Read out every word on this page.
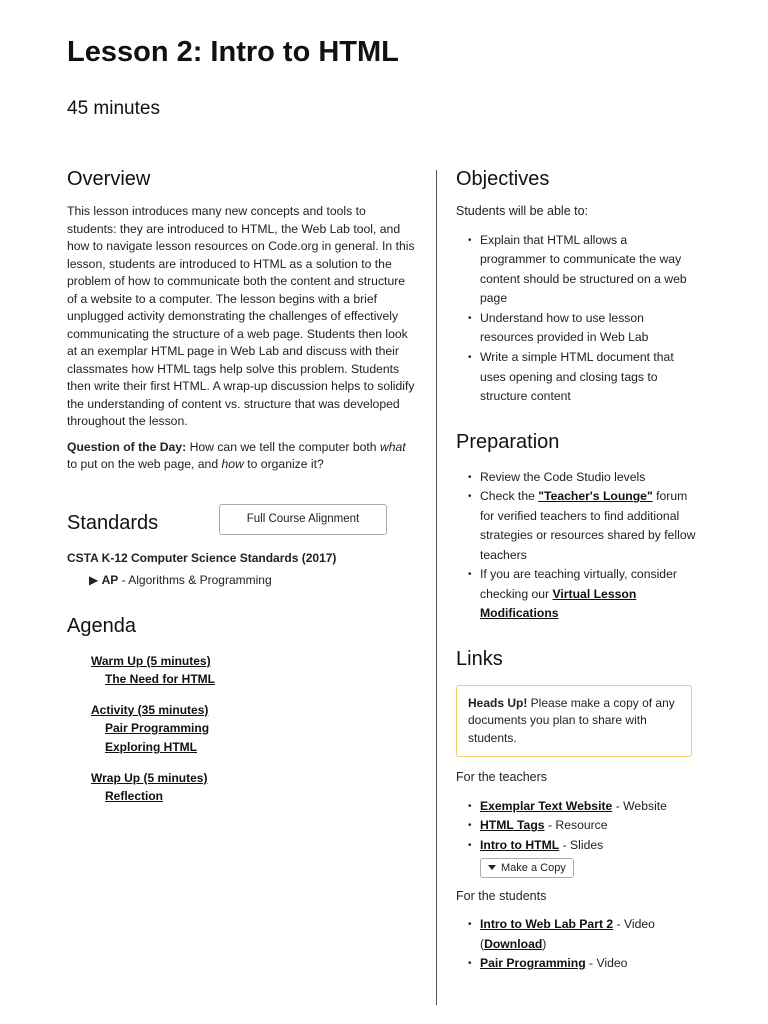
Lesson 2: Intro to HTML

45 minutes

Overview

This lesson introduces many new concepts and tools to students: they are introduced to HTML, the Web Lab tool, and how to navigate lesson resources on Code.org in general. In this lesson, students are introduced to HTML as a solution to the problem of how to communicate both the content and structure of a website to a computer. The lesson begins with a brief unplugged activity demonstrating the challenges of effectively communicating the structure of a web page. Students then look at an exemplar HTML page in Web Lab and discuss with their classmates how HTML tags help solve this problem. Students then write their first HTML. A wrap-up discussion helps to solidify the understanding of content vs. structure that was developed throughout the lesson.

Question of the Day: How can we tell the computer both what to put on the web page, and how to organize it?

Standards	Full Course Alignment

CSTA K-12 Computer Science Standards (2017)

▶ AP - Algorithms & Programming
Agenda
Warm Up (5 minutes)
The Need for HTML
Activity (35 minutes)
Pair Programming
Exploring HTML
Wrap Up (5 minutes)
Reflection
Objectives

Students will be able to:

• Explain that HTML allows a programmer to communicate the way content should be structured on a web page
• Understand how to use lesson resources provided in Web Lab
• Write a simple HTML document that uses opening and closing tags to structure content
Preparation
• Review the Code Studio levels
• Check the "Teacher's Lounge" forum for verified teachers to find additional strategies or resources shared by fellow teachers
• If you are teaching virtually, consider checking our Virtual Lesson Modifications
Links
Heads Up! Please make a copy of any documents you plan to share with students.

For the teachers

• Exemplar Text Website - Website
• HTML Tags - Resource
• Intro to HTML - Slides
Make a Copy

For the students

• Intro to Web Lab Part 2 - Video (Download)
• Pair Programming - Video
